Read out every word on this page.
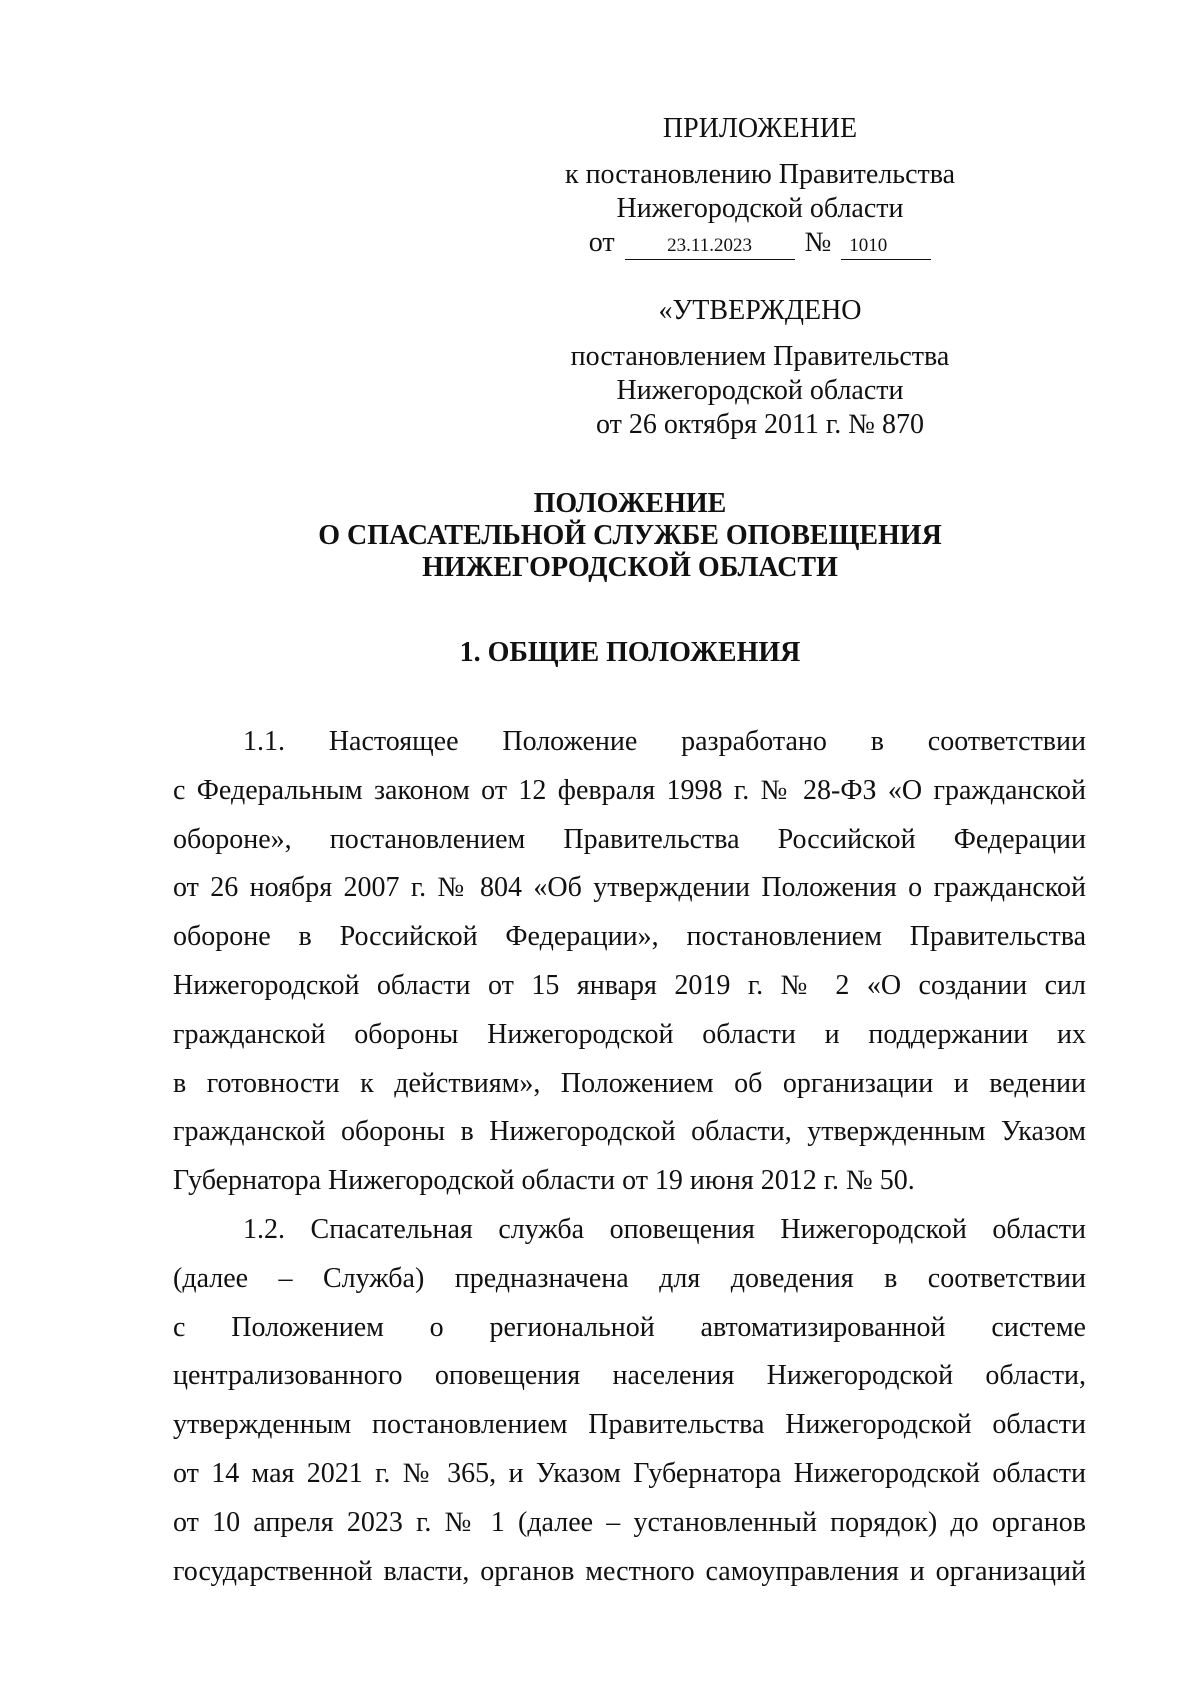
ПРИЛОЖЕНИЕ
к постановлению Правительства
Нижегородской области
от	23.11.2023	№ 1010
«УТВЕРЖДЕНО
постановлением Правительства
Нижегородской области
от 26 октября 2011 г. № 870
ПОЛОЖЕНИЕ
О СПАСАТЕЛЬНОЙ СЛУЖБЕ ОПОВЕЩЕНИЯ
НИЖЕГОРОДСКОЙ ОБЛАСТИ
1. ОБЩИЕ ПОЛОЖЕНИЯ
1.1. Настоящее Положение разработано в соответствии
с Федеральным законом от 12 февраля 1998 г. № 28-ФЗ «О гражданской
обороне», постановлением Правительства Российской Федерации
от 26 ноября 2007 г. № 804 «Об утверждении Положения о гражданской
обороне в Российской Федерации», постановлением Правительства
Нижегородской области от 15 января 2019 г. № 2 «О создании сил
гражданской обороны Нижегородской области и поддержании их
в готовности к действиям», Положением об организации и ведении
гражданской обороны в Нижегородской области, утвержденным Указом
Губернатора Нижегородской области от 19 июня 2012 г. № 50.
1.2. Спасательная служба оповещения Нижегородской области
(далее – Служба) предназначена для доведения в соответствии
с Положением о региональной автоматизированной системе
централизованного оповещения населения Нижегородской области,
утвержденным постановлением Правительства Нижегородской области
от 14 мая 2021 г. № 365, и Указом Губернатора Нижегородской области
от 10 апреля 2023 г. № 1 (далее – установленный порядок) до органов
государственной власти, органов местного самоуправления и организаций
